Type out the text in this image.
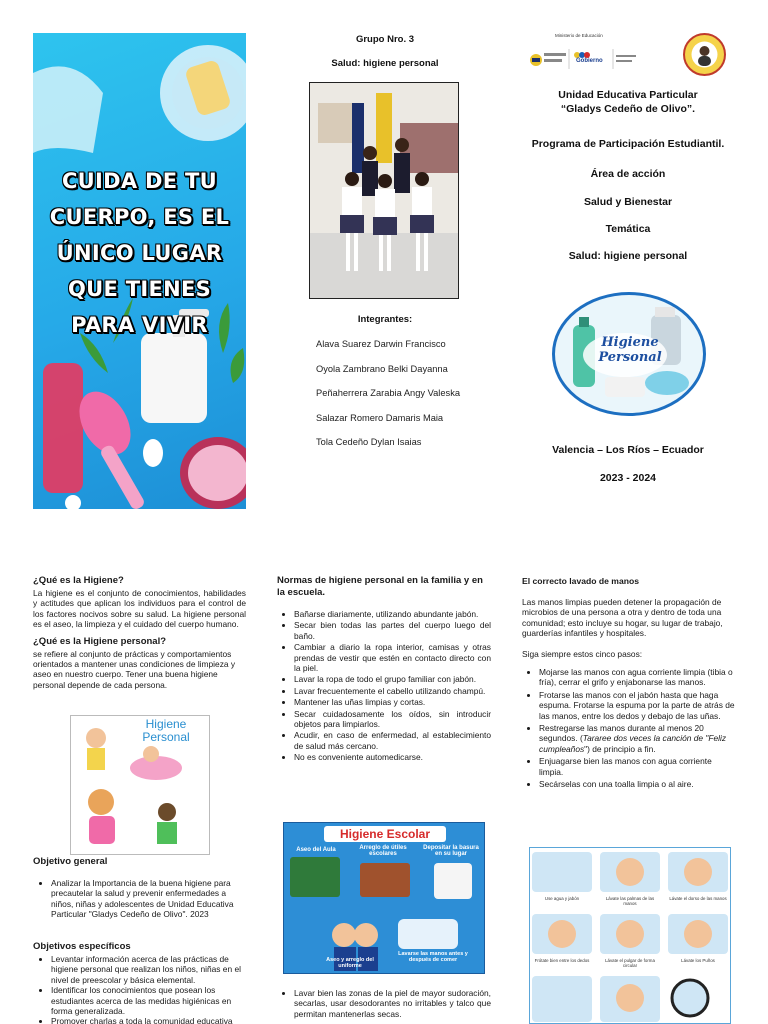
CUIDA DE TU CUERPO, ES EL ÚNICO LUGAR QUE TIENES PARA VIVIR
Grupo Nro. 3
Salud: higiene personal
Integrantes:
Alava Suarez Darwin Francisco
Oyola Zambrano Belki Dayanna
Peñaherrera Zarabia Angy Valeska
Salazar Romero Damaris Maia
Tola Cedeño Dylan Isaias
Ministerio de Educación
Gobierno
Unidad Educativa Particular
“Gladys Cedeño de Olivo”.
Programa de Participación Estudiantil.
Área de acción
Salud y Bienestar
Temática
Salud: higiene personal
Higiene Personal
Valencia – Los Ríos – Ecuador
2023 - 2024
¿Qué es la Higiene?

La higiene es el conjunto de conocimientos, habilidades y actitudes que aplican los individuos para el control de los factores nocivos sobre su salud. La higiene personal es el aseo, la limpieza y el cuidado del cuerpo humano.

¿Qué es la Higiene personal?

se refiere al conjunto de prácticas y comportamientos orientados a mantener unas condiciones de limpieza y aseo en nuestro cuerpo. Tener una buena higiene personal depende de cada persona.

Higiene Personal
Objetivo general
• Analizar la Importancia de la buena higiene para precautelar la salud y prevenir enfermedades a niños, niñas y adolescentes de Unidad Educativa Particular "Gladys Cedeño de Olivo". 2023
Objetivos específicos
• Levantar información acerca de las prácticas de higiene personal que realizan los niños, niñas en el nivel de preescolar y básica elemental.
• Identificar los conocimientos que posean los estudiantes acerca de las medidas higiénicas en forma generalizada.
• Promover charlas a toda la comunidad educativa
Normas de higiene personal en la familia y en la escuela.
• Bañarse diariamente, utilizando abundante jabón.
• Secar bien todas las partes del cuerpo luego del baño.
• Cambiar a diario la ropa interior, camisas y otras prendas de vestir que estén en contacto directo con la piel.
• Lavar la ropa de todo el grupo familiar con jabón.
• Lavar frecuentemente el cabello utilizando champú.
• Mantener las uñas limpias y cortas.
• Secar cuidadosamente los oídos, sin introducir objetos para limpiarlos.
• Acudir, en caso de enfermedad, al establecimiento de salud más cercano.
• No es conveniente automedicarse.
Higiene Escolar
Aseo del Aula	Arreglo de útiles escolares
Depositar la basura en su lugar
Aseo y arreglo del uniforme
Lavarse las manos antes y después de comer
• Lavar bien las zonas de la piel de mayor sudoración, secarlas, usar desodorantes no irritables y talco que permitan mantenerlas secas.
El correcto lavado de manos

Las manos limpias pueden detener la propagación de microbios de una persona a otra y dentro de toda una comunidad; esto incluye su hogar, su lugar de trabajo, guarderías infantiles y hospitales.

Siga siempre estos cinco pasos:

• Mojarse las manos con agua corriente limpia (tibia o fría), cerrar el grifo y enjabonarse las manos.
• Frotarse las manos con el jabón hasta que haga espuma. Frotarse la espuma por la parte de atrás de las manos, entre los dedos y debajo de las uñas.
• Restregarse las manos durante al menos 20 segundos. (Tararee dos veces la canción de "Feliz cumpleaños") de principio a fin.
• Enjuagarse bien las manos con agua corriente limpia.
• Secárselas con una toalla limpia o al aire.
Use agua y jabón	Lávate las palmas de las manos
Lávate el dorso de las manos
Frótate bien entre los dedos	Lávate el pulgar de forma circular
Lávate los Puños
